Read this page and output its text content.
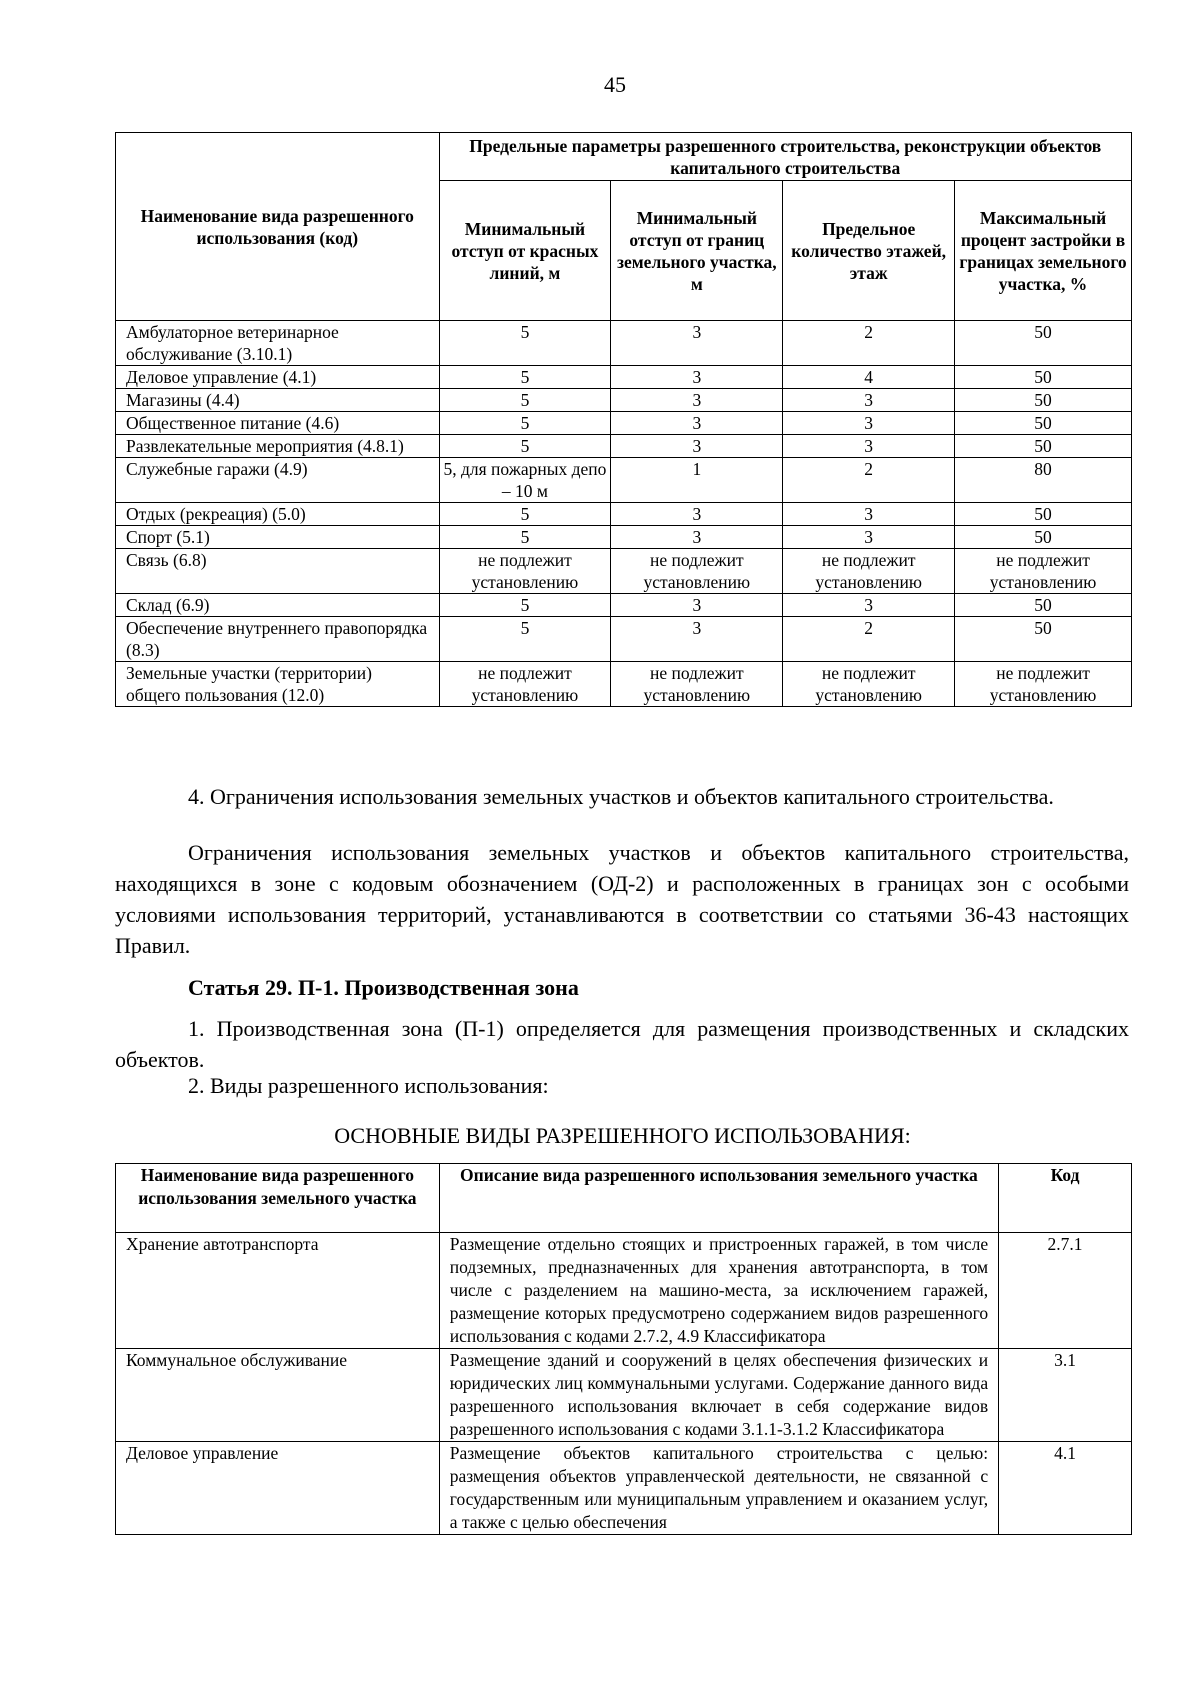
45
Наименование вида разрешенного использования (код)	Предельные параметры разрешенного строительства, реконструкции объектов капитального строительства			
	Минимальный отступ от красных линий, м	Минимальный отступ от границ земельного участка, м	Предельное количество этажей, этаж	Максимальный процент застройки в границах земельного участка, %
Амбулаторное ветеринарное обслуживание (3.10.1)	5	3	2	50
Деловое управление (4.1)	5	3	4	50
Магазины (4.4)	5	3	3	50
Общественное питание (4.6)	5	3	3	50
Развлекательные мероприятия (4.8.1)	5	3	3	50
Служебные гаражи (4.9)	5, для пожарных депо – 10 м	1	2	80
Отдых (рекреация) (5.0)	5	3	3	50
Спорт (5.1)	5	3	3	50
Связь (6.8)	не подлежит установлению	не подлежит установлению	не подлежит установлению	не подлежит установлению
Склад (6.9)	5	3	3	50
Обеспечение внутреннего правопорядка (8.3)	5	3	2	50
Земельные участки (территории) общего пользования (12.0)	не подлежит установлению	не подлежит установлению	не подлежит установлению	не подлежит установлению
4. Ограничения использования земельных участков и объектов капитального строительства.
Ограничения использования земельных участков и объектов капитального строительства, находящихся в зоне с кодовым обозначением (ОД-2) и расположенных в границах зон с особыми условиями использования территорий, устанавливаются в соответствии со статьями 36-43 настоящих Правил.
Статья 29. П-1. Производственная зона
1. Производственная зона (П-1) определяется для размещения производственных и складских объектов.
2. Виды разрешенного использования:
ОСНОВНЫЕ ВИДЫ РАЗРЕШЕННОГО ИСПОЛЬЗОВАНИЯ:
Наименование вида разрешенного использования земельного участка	Описание вида разрешенного использования земельного участка	Код
Хранение автотранспорта	Размещение отдельно стоящих и пристроенных гаражей, в том числе подземных, предназначенных для хранения автотранспорта, в том числе с разделением на машино-места, за исключением гаражей, размещение которых предусмотрено содержанием видов разрешенного использования с кодами 2.7.2, 4.9 Классификатора	2.7.1
Коммунальное обслуживание	Размещение зданий и сооружений в целях обеспечения физических и юридических лиц коммунальными услугами. Содержание данного вида разрешенного использования включает в себя содержание видов разрешенного использования с кодами 3.1.1-3.1.2 Классификатора	3.1
Деловое управление	Размещение объектов капитального строительства с целью: размещения объектов управленческой деятельности, не связанной с государственным или муниципальным управлением и оказанием услуг, а также с целью обеспечения	4.1
